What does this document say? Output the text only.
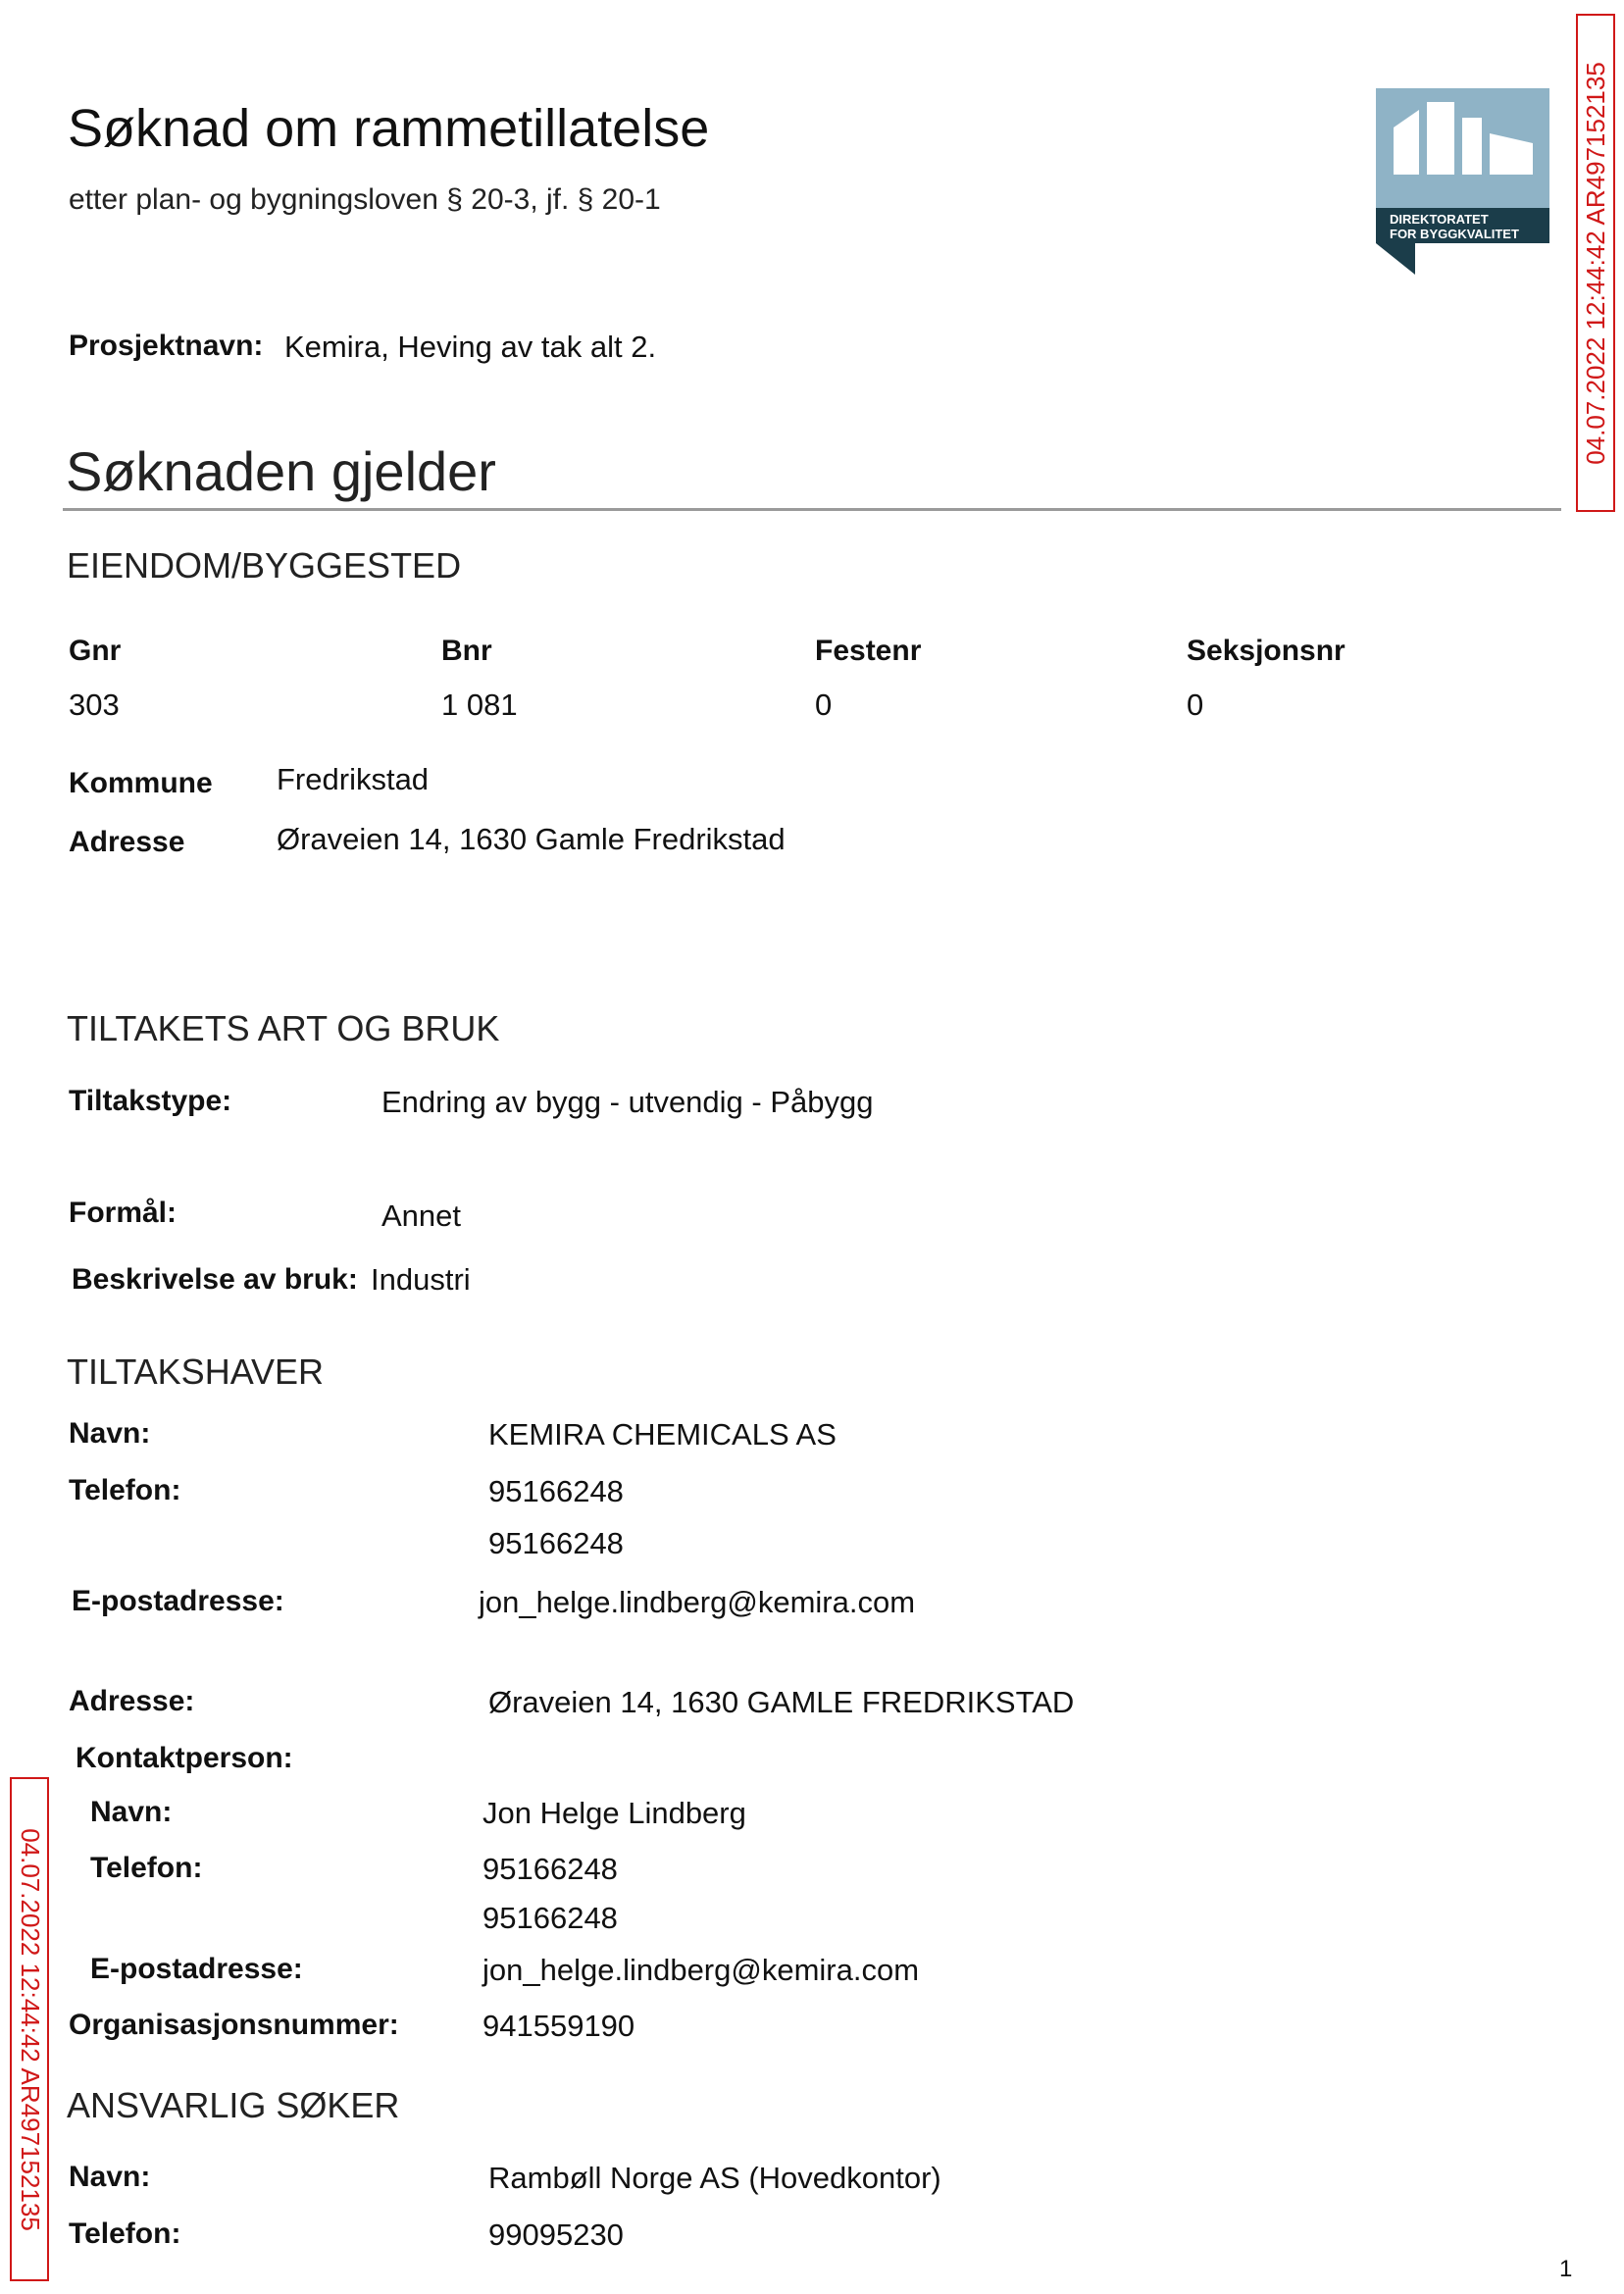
Søknad om rammetillatelse
etter plan- og bygningsloven § 20-3, jf. § 20-1
DIREKTORATET
FOR BYGGKVALITET
Prosjektnavn: Kemira, Heving av tak alt 2.
Søknaden gjelder
EIENDOM/BYGGESTED
Gnr	Bnr	Festenr	Seksjonsnr
303	1 081	0	0
Kommune Fredrikstad
Adresse	Øraveien 14, 1630 Gamle Fredrikstad
TILTAKETS ART OG BRUK
Tiltakstype:	Endring av bygg - utvendig - Påbygg
Formål:	Annet
Beskrivelse av bruk: Industri
TILTAKSHAVER
Navn:	KEMIRA CHEMICALS AS
Telefon:	95166248
95166248
E-postadresse:	jon_helge.lindberg@kemira.com
Adresse:	Øraveien 14, 1630 GAMLE FREDRIKSTAD
Kontaktperson:
Navn:	Jon Helge Lindberg
Telefon:	95166248
95166248
E-postadresse:	jon_helge.lindberg@kemira.com
Organisasjonsnummer:	941559190
ANSVARLIG SØKER
Navn:	Rambøll Norge AS (Hovedkontor)
Telefon:	99095230
1
04.07.2022 12:44:42 AR497152135
04.07.2022 12:44:42 AR497152135
